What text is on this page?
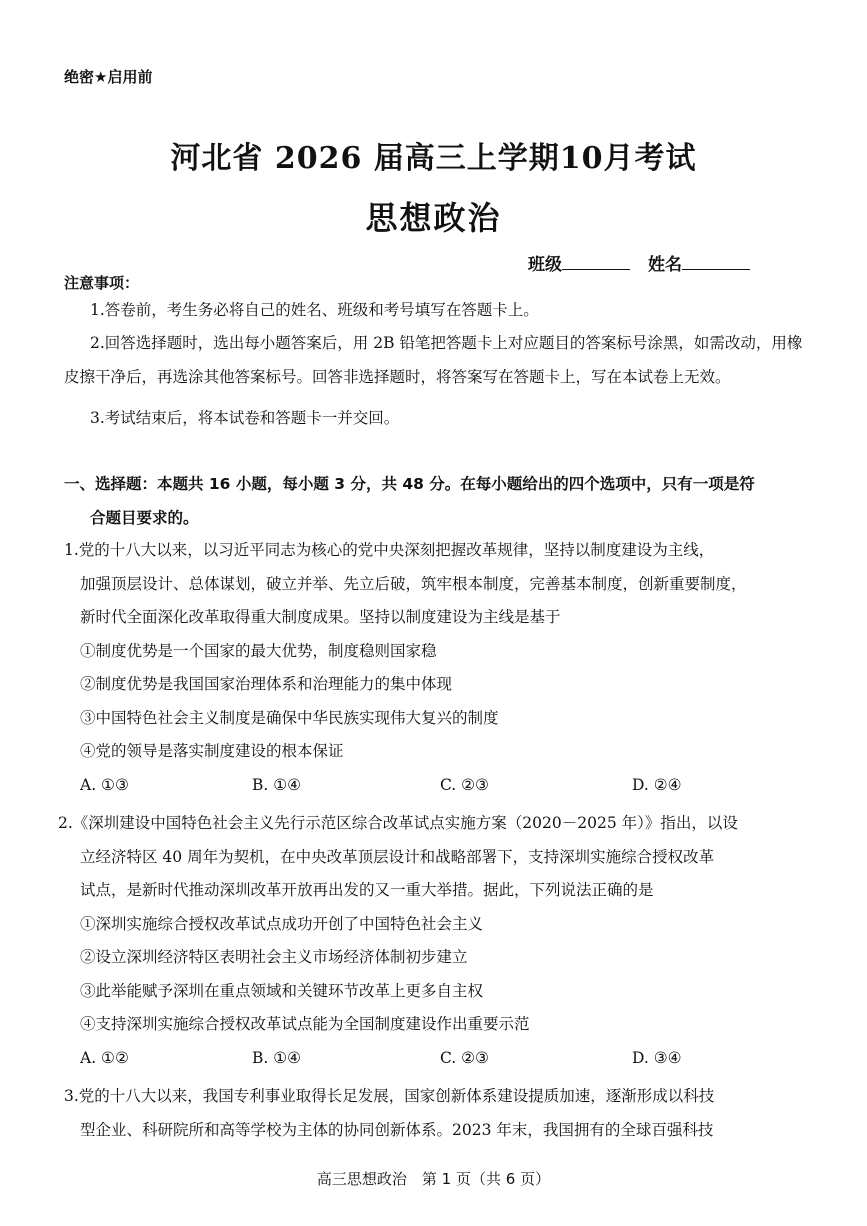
绝密★启用前
河北省 2026 届高三上学期10月考试
思想政治
班级	姓名
注意事项：
1.答卷前，考生务必将自己的姓名、班级和考号填写在答题卡上。
2.回答选择题时，选出每小题答案后，用 2B 铅笔把答题卡上对应题目的答案标号涂黑，如需改动，用橡皮擦干净后，再选涂其他答案标号。回答非选择题时，将答案写在答题卡上，写在本试卷上无效。
3.考试结束后，将本试卷和答题卡一并交回。
一、选择题：本题共 16 小题，每小题 3 分，共 48 分。在每小题给出的四个选项中，只有一项是符
合题目要求的。
1.党的十八大以来，以习近平同志为核心的党中央深刻把握改革规律，坚持以制度建设为主线，
加强顶层设计、总体谋划，破立并举、先立后破，筑牢根本制度，完善基本制度，创新重要制度，
新时代全面深化改革取得重大制度成果。坚持以制度建设为主线是基于
①制度优势是一个国家的最大优势，制度稳则国家稳
②制度优势是我国国家治理体系和治理能力的集中体现
③中国特色社会主义制度是确保中华民族实现伟大复兴的制度
④党的领导是落实制度建设的根本保证
A. ①③	B. ①④	C. ②③	D. ②④
2.《深圳建设中国特色社会主义先行示范区综合改革试点实施方案（2020－2025 年）》指出，以设
立经济特区 40 周年为契机，在中央改革顶层设计和战略部署下，支持深圳实施综合授权改革
试点，是新时代推动深圳改革开放再出发的又一重大举措。据此，下列说法正确的是
①深圳实施综合授权改革试点成功开创了中国特色社会主义
②设立深圳经济特区表明社会主义市场经济体制初步建立
③此举能赋予深圳在重点领域和关键环节改革上更多自主权
④支持深圳实施综合授权改革试点能为全国制度建设作出重要示范
A. ①②	B. ①④	C. ②③	D. ③④
3.党的十八大以来，我国专利事业取得长足发展，国家创新体系建设提质加速，逐渐形成以科技
型企业、科研院所和高等学校为主体的协同创新体系。2023 年末，我国拥有的全球百强科技
高三思想政治　第 1 页（共 6 页）
